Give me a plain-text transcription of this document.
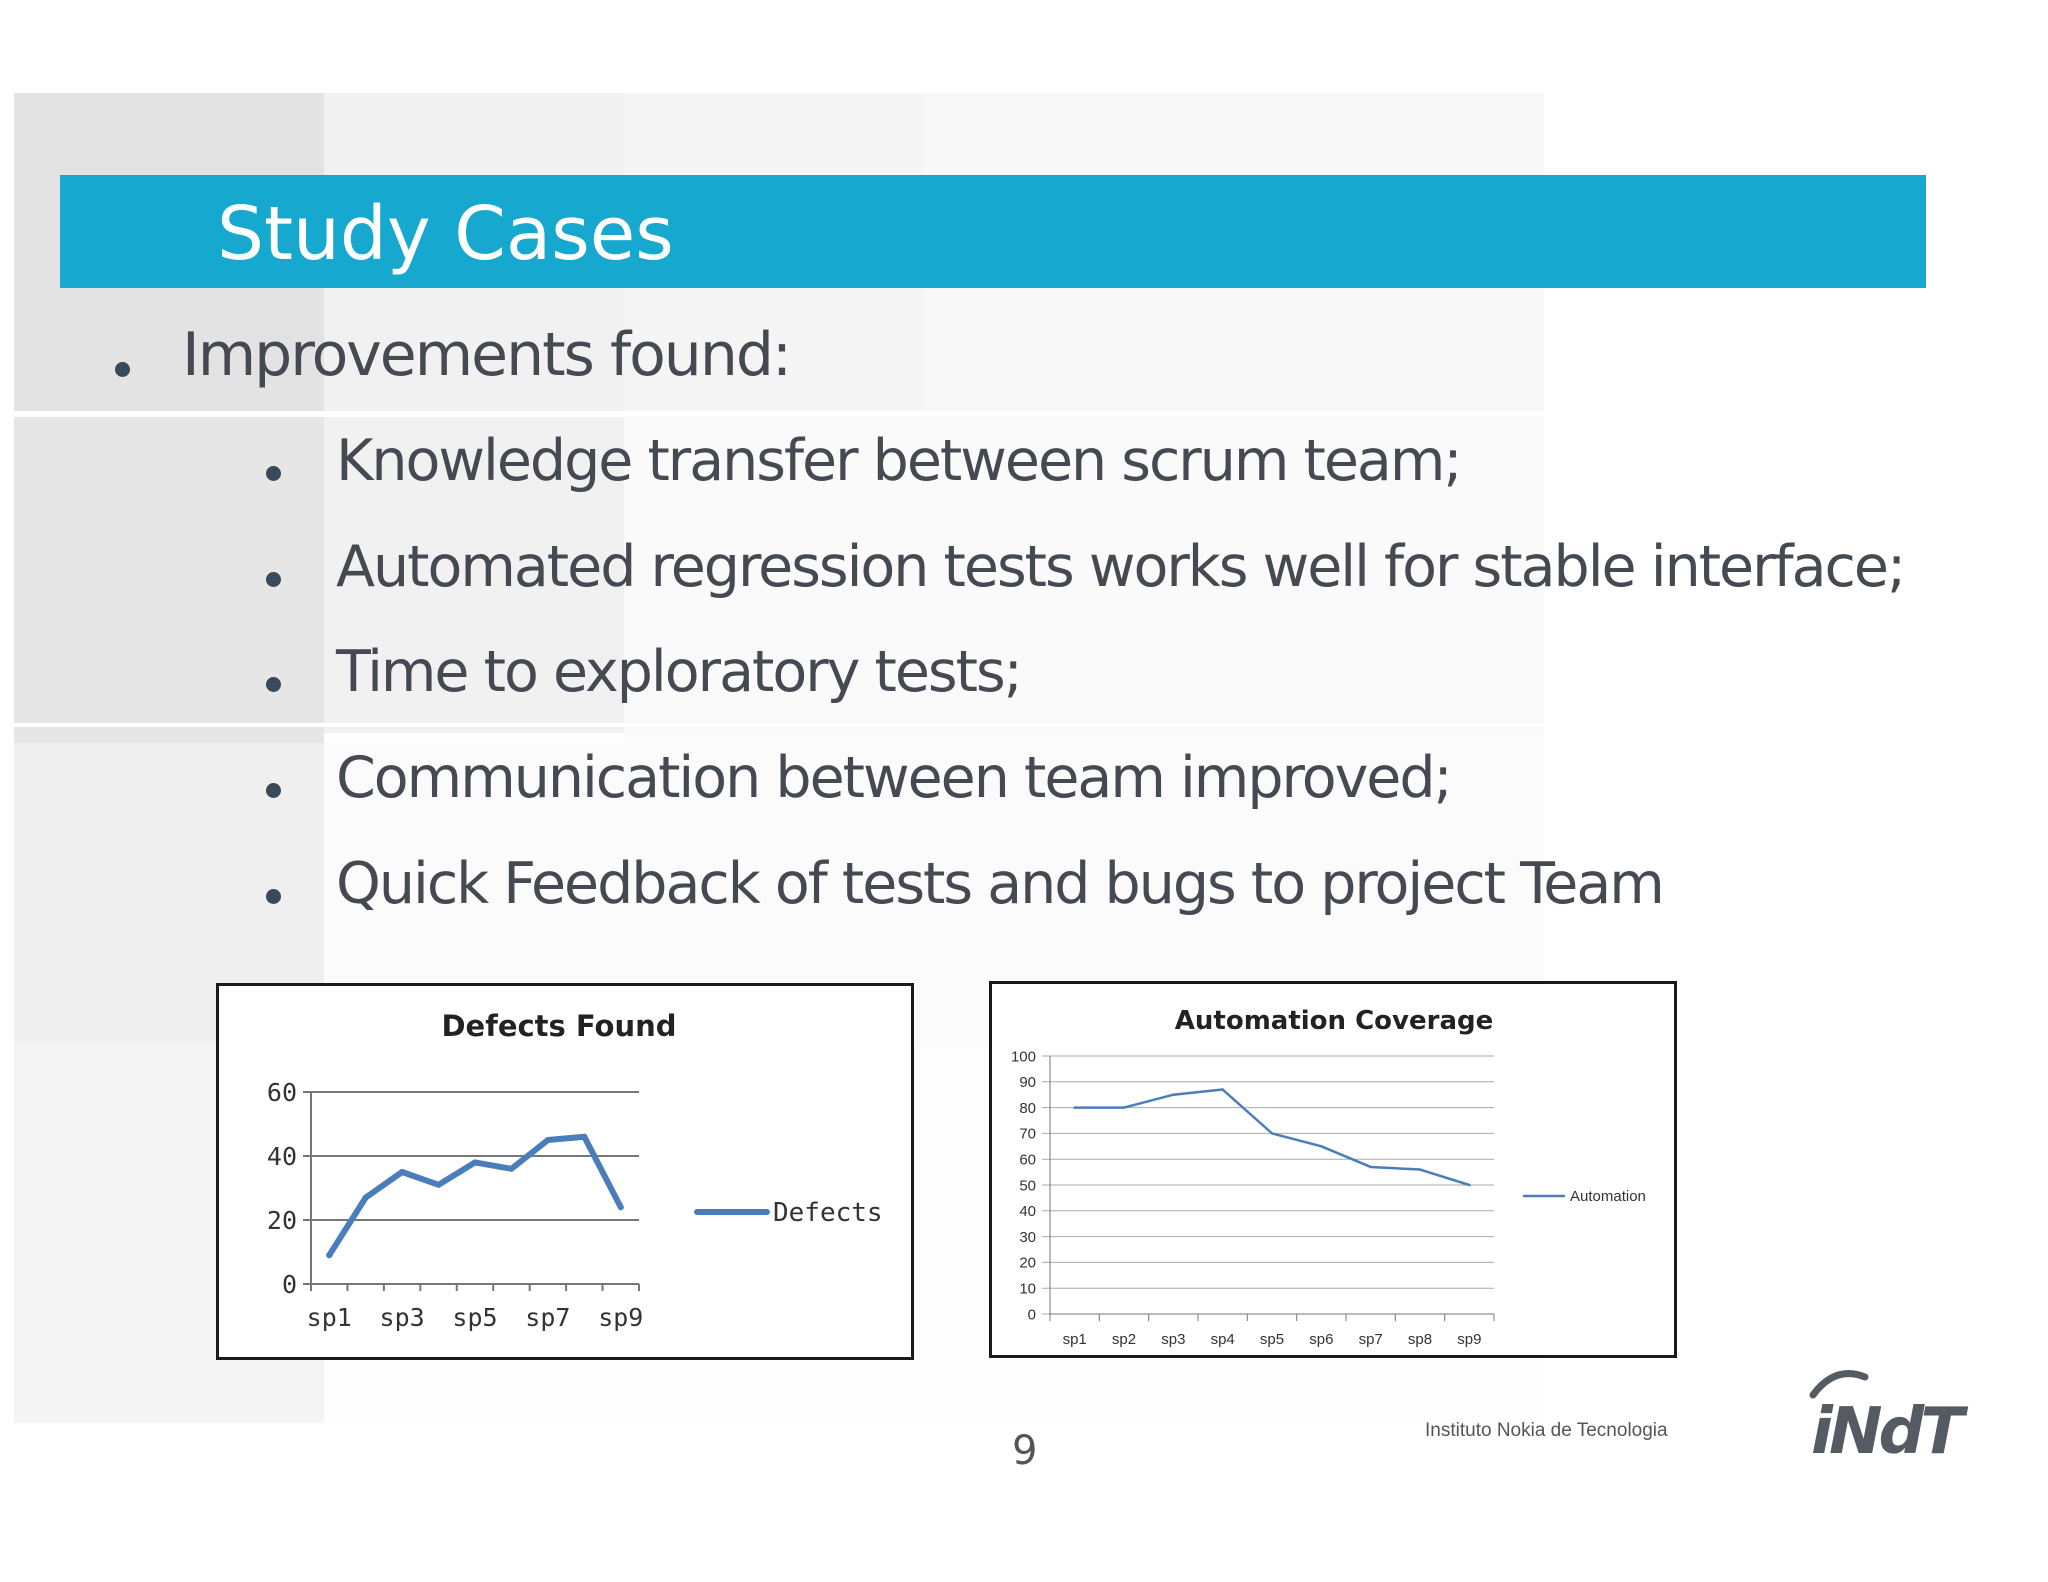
Study Cases
Improvements found:
Knowledge transfer between scrum team;
Automated regression tests works well for stable interface;
Time to exploratory tests;
Communication between team improved;
Quick Feedback of tests and bugs to project Team
Defects Found
0
20
40
60
sp1 sp3 sp5 sp7 sp9
Defects
Automation Coverage
0
10
20
30
40
50
60
70
80
90
100
sp1 sp2 sp3 sp4 sp5 sp6 sp7 sp8 sp9
Automation
9	Instituto Nokia de Tecnologia iNdT
